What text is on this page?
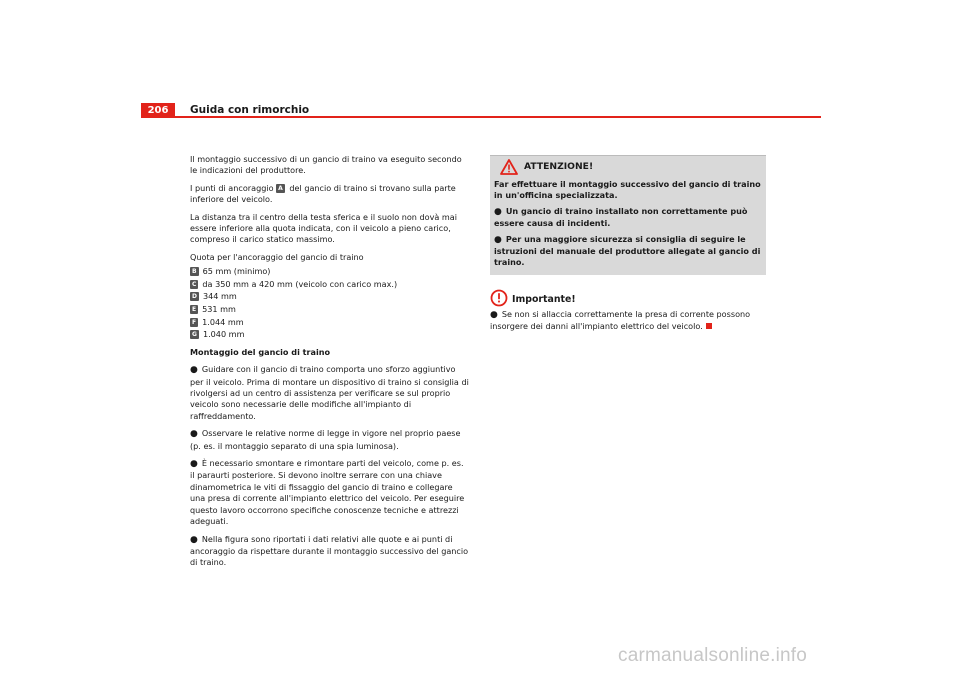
206	Guida con rimorchio

Il montaggio successivo di un gancio di traino va eseguito secondo le indicazioni del produttore.

I punti di ancoraggio A del gancio di traino si trovano sulla parte inferiore del veicolo.

La distanza tra il centro della testa sferica e il suolo non dovà mai essere inferiore alla quota indicata, con il veicolo a pieno carico, compreso il carico statico massimo.

Quota per l'ancoraggio del gancio di traino

B 65 mm (minimo)
C da 350 mm a 420 mm (veicolo con carico max.)
D 344 mm
E 531 mm
F 1.044 mm
G 1.040 mm

Montaggio del gancio di traino

● Guidare con il gancio di traino comporta uno sforzo aggiuntivo per il veicolo. Prima di montare un dispositivo di traino si consiglia di rivolgersi ad un centro di assistenza per verificare se sul proprio veicolo sono necessarie delle modifiche all'impianto di raffreddamento.

● Osservare le relative norme di legge in vigore nel proprio paese (p. es. il montaggio separato di una spia luminosa).

● È necessario smontare e rimontare parti del veicolo, come p. es. il paraurti posteriore. Si devono inoltre serrare con una chiave dinamometrica le viti di fissaggio del gancio di traino e collegare una presa di corrente all'impianto elettrico del veicolo. Per eseguire questo lavoro occorrono specifiche conoscenze tecniche e attrezzi adeguati.

● Nella figura sono riportati i dati relativi alle quote e ai punti di ancoraggio da rispettare durante il montaggio successivo del gancio di traino.

ATTENZIONE!

Far effettuare il montaggio successivo del gancio di traino in un'officina specializzata.

● Un gancio di traino installato non correttamente può essere causa di incidenti.

● Per una maggiore sicurezza si consiglia di seguire le istruzioni del manuale del produttore allegate al gancio di traino.

Importante!

● Se non si allaccia correttamente la presa di corrente possono insorgere dei danni all'impianto elettrico del veicolo.

carmanualsonline.info
